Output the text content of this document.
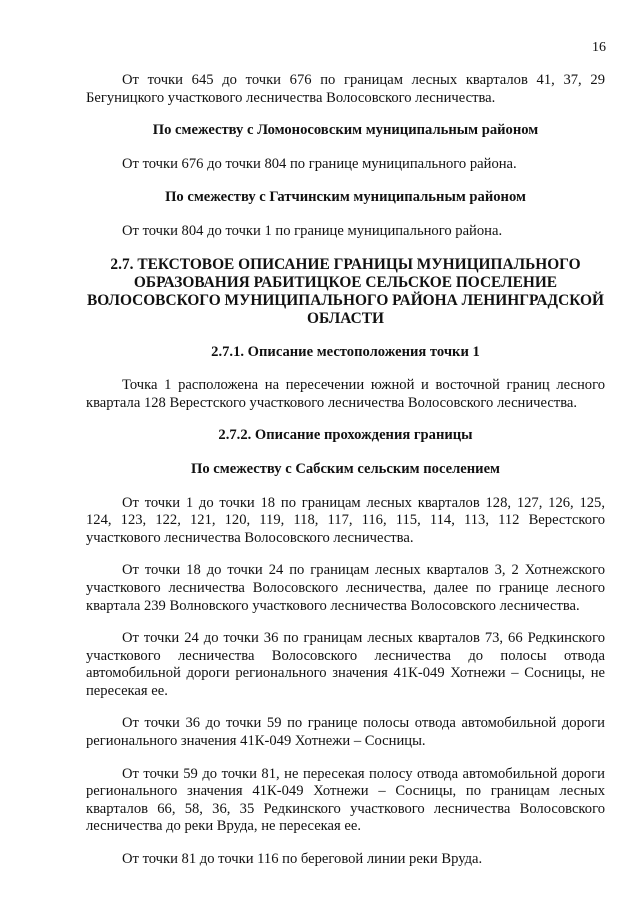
16

От точки 645 до точки 676 по границам лесных кварталов 41, 37, 29 Бегуницкого участкового лесничества Волосовского лесничества.

По смежеству с Ломоносовским муниципальным районом

От точки 676 до точки 804 по границе муниципального района.

По смежеству с Гатчинским муниципальным районом

От точки 804 до точки 1 по границе муниципального района.

2.7. ТЕКСТОВОЕ ОПИСАНИЕ ГРАНИЦЫ МУНИЦИПАЛЬНОГО ОБРАЗОВАНИЯ РАБИТИЦКОЕ СЕЛЬСКОЕ ПОСЕЛЕНИЕ ВОЛОСОВСКОГО МУНИЦИПАЛЬНОГО РАЙОНА ЛЕНИНГРАДСКОЙ ОБЛАСТИ

2.7.1. Описание местоположения точки 1

Точка 1 расположена на пересечении южной и восточной границ лесного квартала 128 Верестского участкового лесничества Волосовского лесничества.

2.7.2. Описание прохождения границы

По смежеству с Сабским сельским поселением

От точки 1 до точки 18 по границам лесных кварталов 128, 127, 126, 125, 124, 123, 122, 121, 120, 119, 118, 117, 116, 115, 114, 113, 112 Верестского участкового лесничества Волосовского лесничества.

От точки 18 до точки 24 по границам лесных кварталов 3, 2 Хотнежского участкового лесничества Волосовского лесничества, далее по границе лесного квартала 239 Волновского участкового лесничества Волосовского лесничества.

От точки 24 до точки 36 по границам лесных кварталов 73, 66 Редкинского участкового лесничества Волосовского лесничества до полосы отвода автомобильной дороги регионального значения 41К-049 Хотнежи – Сосницы, не пересекая ее.

От точки 36 до точки 59 по границе полосы отвода автомобильной дороги регионального значения 41К-049 Хотнежи – Сосницы.

От точки 59 до точки 81, не пересекая полосу отвода автомобильной дороги регионального значения 41К-049 Хотнежи – Сосницы, по границам лесных кварталов 66, 58, 36, 35 Редкинского участкового лесничества Волосовского лесничества до реки Вруда, не пересекая ее.

От точки 81 до точки 116 по береговой линии реки Вруда.
